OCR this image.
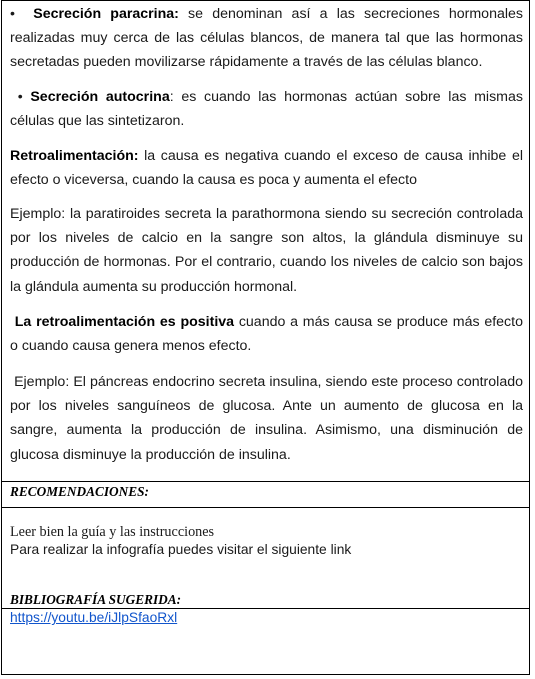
• Secreción paracrina: se denominan así a las secreciones hormonales realizadas muy cerca de las células blancos, de manera tal que las hormonas secretadas pueden movilizarse rápidamente a través de las células blanco.

• Secreción autocrina: es cuando las hormonas actúan sobre las mismas células que las sintetizaron.

Retroalimentación: la causa es negativa cuando el exceso de causa inhibe el efecto o viceversa, cuando la causa es poca y aumenta el efecto

Ejemplo: la paratiroides secreta la parathormona siendo su secreción controlada por los niveles de calcio en la sangre son altos, la glándula disminuye su producción de hormonas. Por el contrario, cuando los niveles de calcio son bajos la glándula aumenta su producción hormonal.

La retroalimentación es positiva cuando a más causa se produce más efecto o cuando causa genera menos efecto.

Ejemplo: El páncreas endocrino secreta insulina, siendo este proceso controlado por los niveles sanguíneos de glucosa. Ante un aumento de glucosa en la sangre, aumenta la producción de insulina. Asimismo, una disminución de glucosa disminuye la producción de insulina.

RECOMENDACIONES:
Leer bien la guía y las instrucciones
Para realizar la infografía puedes visitar el siguiente link
BIBLIOGRAFÍA SUGERIDA:
https://youtu.be/iJlpSfaoRxl
